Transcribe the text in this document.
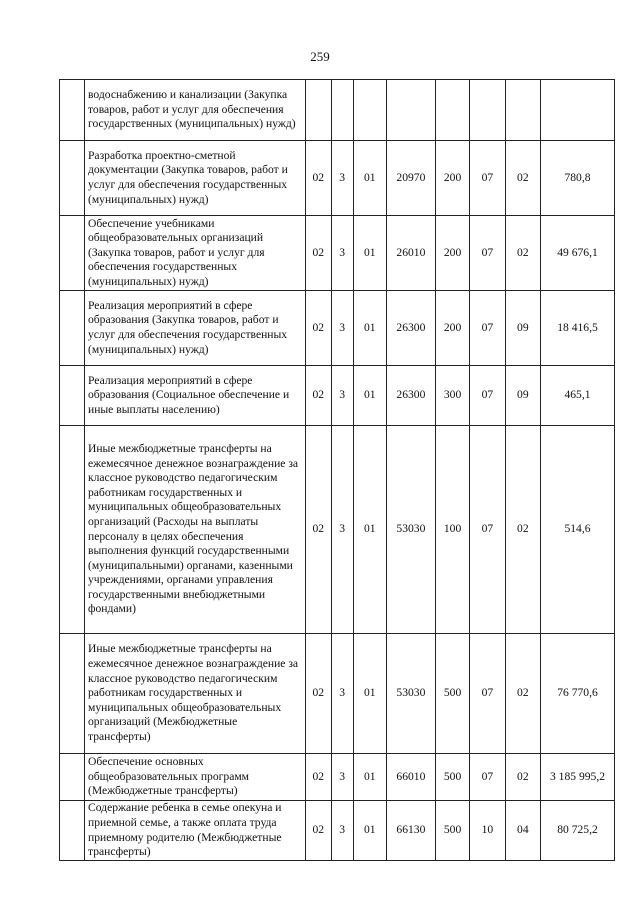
259
	водоснабжению и канализации (Закупка товаров, работ и услуг для обеспечения государственных (муниципальных) нужд)								
	Разработка проектно-сметной документации (Закупка товаров, работ и услуг для обеспечения государственных (муниципальных) нужд)	02	3	01	20970	200	07	02	780,8
	Обеспечение учебниками общеобразовательных организаций (Закупка товаров, работ и услуг для обеспечения государственных (муниципальных) нужд)	02	3	01	26010	200	07	02	49 676,1
	Реализация мероприятий в сфере образования (Закупка товаров, работ и услуг для обеспечения государственных (муниципальных) нужд)	02	3	01	26300	200	07	09	18 416,5
	Реализация мероприятий в сфере образования (Социальное обеспечение и иные выплаты населению)	02	3	01	26300	300	07	09	465,1
	Иные межбюджетные трансферты на ежемесячное денежное вознаграждение за классное руководство педагогическим работникам государственных и муниципальных общеобразовательных организаций (Расходы на выплаты персоналу в целях обеспечения выполнения функций государственными (муниципальными) органами, казенными учреждениями, органами управления государственными внебюджетными фондами)	02	3	01	53030	100	07	02	514,6
	Иные межбюджетные трансферты на ежемесячное денежное вознаграждение за классное руководство педагогическим работникам государственных и муниципальных общеобразовательных организаций (Межбюджетные трансферты)	02	3	01	53030	500	07	02	76 770,6
	Обеспечение основных общеобразовательных программ (Межбюджетные трансферты)	02	3	01	66010	500	07	02	3 185 995,2
	Содержание ребенка в семье опекуна и приемной семье, а также оплата труда приемному родителю (Межбюджетные трансферты)	02	3	01	66130	500	10	04	80 725,2
